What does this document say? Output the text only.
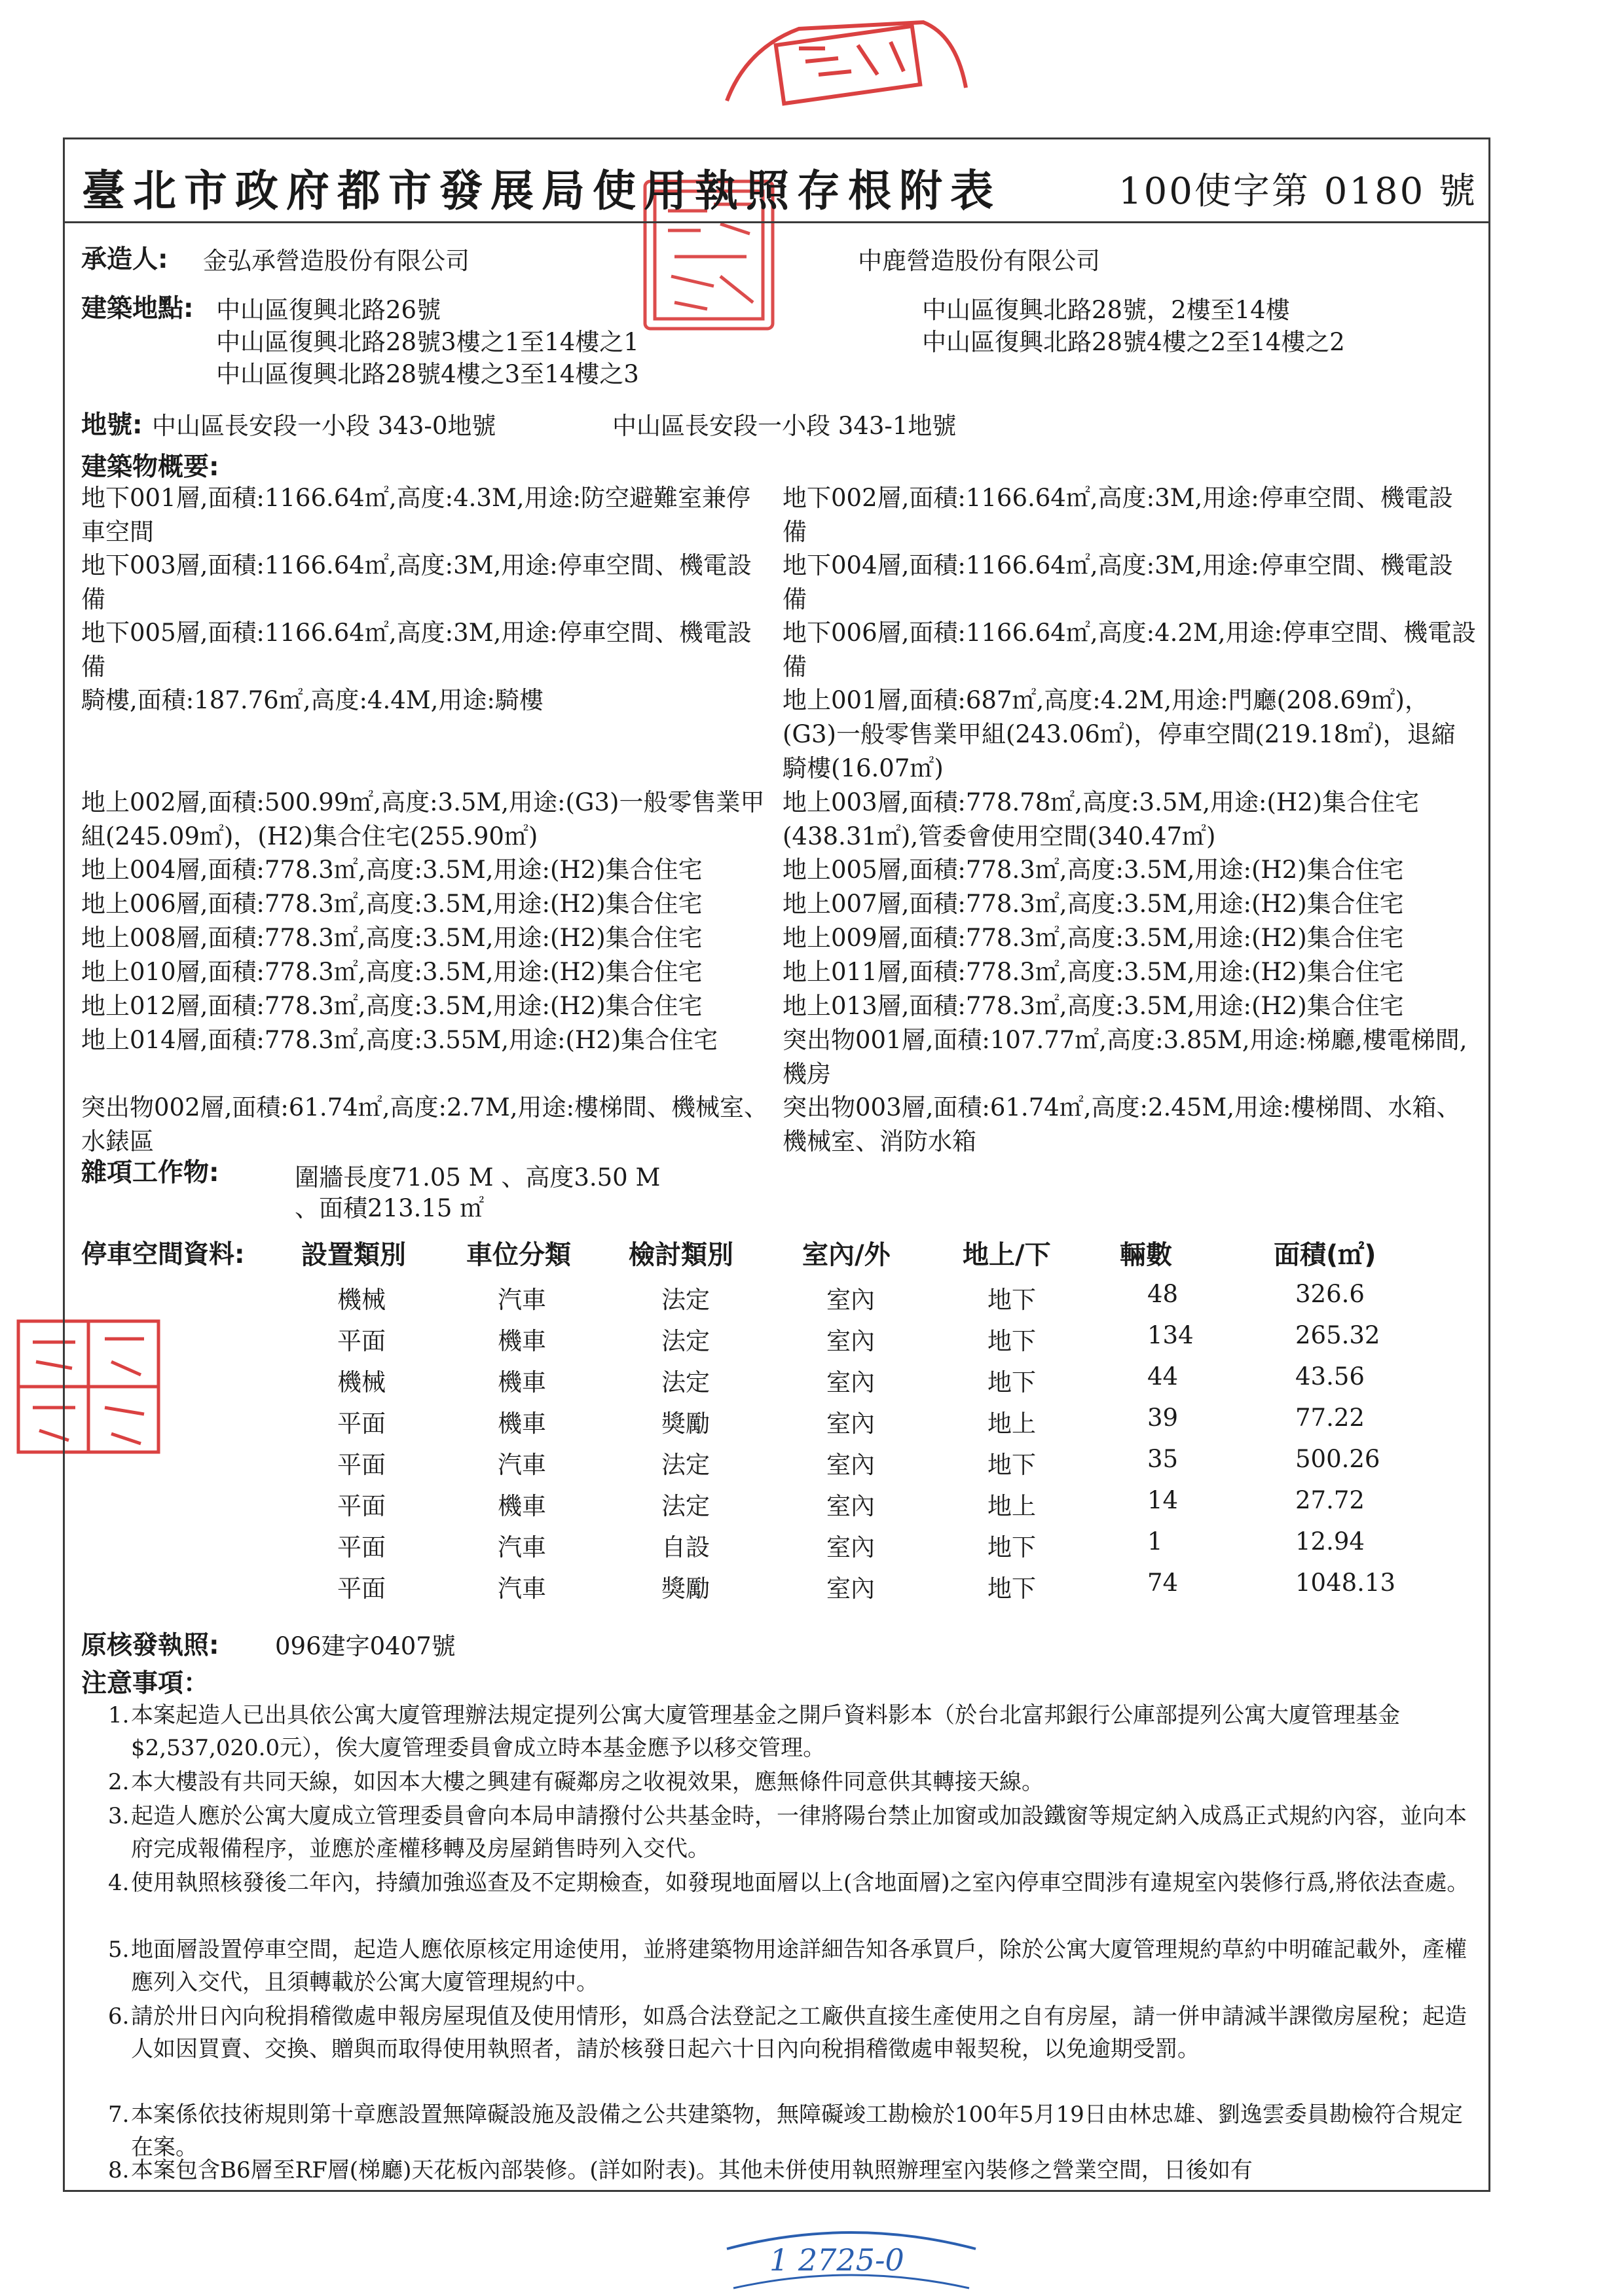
1 2725-0
臺北市政府都市發展局使用執照存根附表	100使字第 0180 號
承造人: 金弘承營造股份有限公司	中鹿營造股份有限公司
建築地點: 中山區復興北路26號
中山區復興北路28號3樓之1至14樓之1
中山區復興北路28號4樓之3至14樓之3
中山區復興北路28號，2樓至14樓
中山區復興北路28號4樓之2至14樓之2
地號: 中山區長安段一小段 343-0地號	中山區長安段一小段 343-1地號
建築物概要:
地下001層,面積:1166.64㎡,高度:4.3M,用途:防空避難室兼停車空間
地下002層,面積:1166.64㎡,高度:3M,用途:停車空間、機電設備
地下003層,面積:1166.64㎡,高度:3M,用途:停車空間、機電設備
地下004層,面積:1166.64㎡,高度:3M,用途:停車空間、機電設備
地下005層,面積:1166.64㎡,高度:3M,用途:停車空間、機電設備
地下006層,面積:1166.64㎡,高度:4.2M,用途:停車空間、機電設備
騎樓,面積:187.76㎡,高度:4.4M,用途:騎樓	地上001層,面積:687㎡,高度:4.2M,用途:門廳(208.69㎡)，(G3)一般零售業甲組(243.06㎡)，停車空間(219.18㎡)，退縮騎樓(16.07㎡)
地上002層,面積:500.99㎡,高度:3.5M,用途:(G3)一般零售業甲組(245.09㎡)，(H2)集合住宅(255.90㎡)
地上003層,面積:778.78㎡,高度:3.5M,用途:(H2)集合住宅(438.31㎡),管委會使用空間(340.47㎡)
地上004層,面積:778.3㎡,高度:3.5M,用途:(H2)集合住宅	地上005層,面積:778.3㎡,高度:3.5M,用途:(H2)集合住宅
地上006層,面積:778.3㎡,高度:3.5M,用途:(H2)集合住宅	地上007層,面積:778.3㎡,高度:3.5M,用途:(H2)集合住宅
地上008層,面積:778.3㎡,高度:3.5M,用途:(H2)集合住宅	地上009層,面積:778.3㎡,高度:3.5M,用途:(H2)集合住宅
地上010層,面積:778.3㎡,高度:3.5M,用途:(H2)集合住宅	地上011層,面積:778.3㎡,高度:3.5M,用途:(H2)集合住宅
地上012層,面積:778.3㎡,高度:3.5M,用途:(H2)集合住宅	地上013層,面積:778.3㎡,高度:3.5M,用途:(H2)集合住宅
地上014層,面積:778.3㎡,高度:3.55M,用途:(H2)集合住宅	突出物001層,面積:107.77㎡,高度:3.85M,用途:梯廳,樓電梯間,機房
突出物002層,面積:61.74㎡,高度:2.7M,用途:樓梯間、機械室、水錶區
突出物003層,面積:61.74㎡,高度:2.45M,用途:樓梯間、水箱、機械室、消防水箱
雜項工作物:	圍牆長度71.05 M 、高度3.50 M
、面積213.15 ㎡
停車空間資料: 設置類別 車位分類 檢討類別	室內/外	地上/下	輛數	面積(㎡)
機械	汽車	法定	室內	地下	48	326.6
平面	機車	法定	室內	地下	134	265.32
機械	機車	法定	室內	地下	44	43.56
平面	機車	獎勵	室內	地上	39	77.22
平面	汽車	法定	室內	地下	35	500.26
平面	機車	法定	室內	地上	14	27.72
平面	汽車	自設	室內	地下	1	12.94
平面	汽車	獎勵	室內	地下	74	1048.13
原核發執照: 096建字0407號
注意事項：
1. 本案起造人已出具依公寓大廈管理辦法規定提列公寓大廈管理基金之開戶資料影本（於台北富邦銀行公庫部提列公寓大廈管理基金$2,537,020.0元），俟大廈管理委員會成立時本基金應予以移交管理。
2. 本大樓設有共同天線，如因本大樓之興建有礙鄰房之收視效果，應無條件同意供其轉接天線。
3. 起造人應於公寓大廈成立管理委員會向本局申請撥付公共基金時，一律將陽台禁止加窗或加設鐵窗等規定納入成爲正式規約內容，並向本府完成報備程序，並應於產權移轉及房屋銷售時列入交代。
4. 使用執照核發後二年內，持續加強巡查及不定期檢查，如發現地面層以上(含地面層)之室內停車空間涉有違規室內裝修行爲,將依法查處。
5. 地面層設置停車空間，起造人應依原核定用途使用，並將建築物用途詳細告知各承買戶，除於公寓大廈管理規約草約中明確記載外，產權應列入交代，且須轉載於公寓大廈管理規約中。
6. 請於卅日內向稅捐稽徵處申報房屋現值及使用情形，如爲合法登記之工廠供直接生產使用之自有房屋，請一併申請減半課徵房屋稅；起造人如因買賣、交換、贈與而取得使用執照者，請於核發日起六十日內向稅捐稽徵處申報契稅，以免逾期受罰。
7. 本案係依技術規則第十章應設置無障礙設施及設備之公共建築物，無障礙竣工勘檢於100年5月19日由林忠雄、劉逸雲委員勘檢符合規定在案。
8. 本案包含B6層至RF層(梯廳)天花板內部裝修。(詳如附表)。其他未併使用執照辦理室內裝修之營業空間，日後如有
